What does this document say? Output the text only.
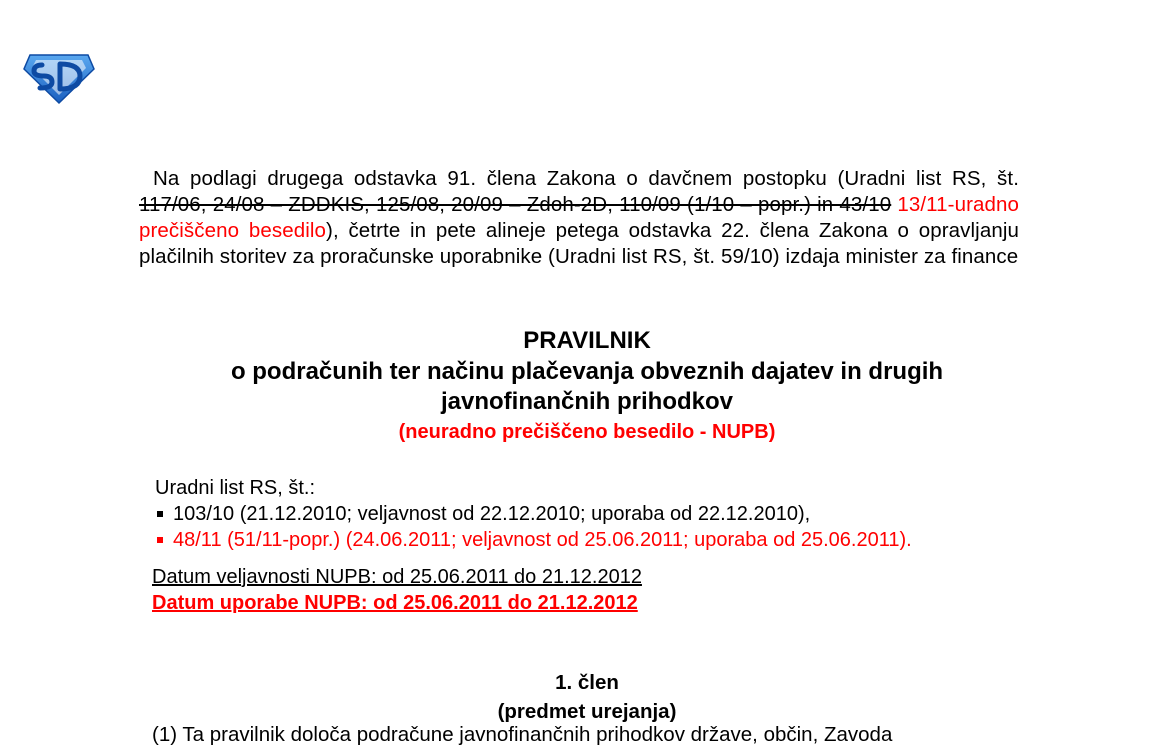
Na podlagi drugega odstavka 91. člena Zakona o davčnem postopku (Uradni list RS, št. 117/06, 24/08 – ZDDKIS, 125/08, 20/09 – Zdoh-2D, 110/09 (1/10 – popr.) in 43/10 13/11-uradno prečiščeno besedilo), četrte in pete alineje petega odstavka 22. člena Zakona o opravljanju plačilnih storitev za proračunske uporabnike (Uradni list RS, št. 59/10) izdaja minister za finance

PRAVILNIK
o podračunih ter načinu plačevanja obveznih dajatev in drugih
javnofinančnih prihodkov
(neuradno prečiščeno besedilo - NUPB)
Uradni list RS, št.:
103/10 (21.12.2010; veljavnost od 22.12.2010; uporaba od 22.12.2010),
48/11 (51/11-popr.) (24.06.2011; veljavnost od 25.06.2011; uporaba od 25.06.2011).
Datum veljavnosti NUPB: od 25.06.2011 do 21.12.2012
Datum uporabe NUPB: od 25.06.2011 do 21.12.2012
1. člen
(predmet urejanja)
(1) Ta pravilnik določa podračune javnofinančnih prihodkov države, občin, Zavoda
